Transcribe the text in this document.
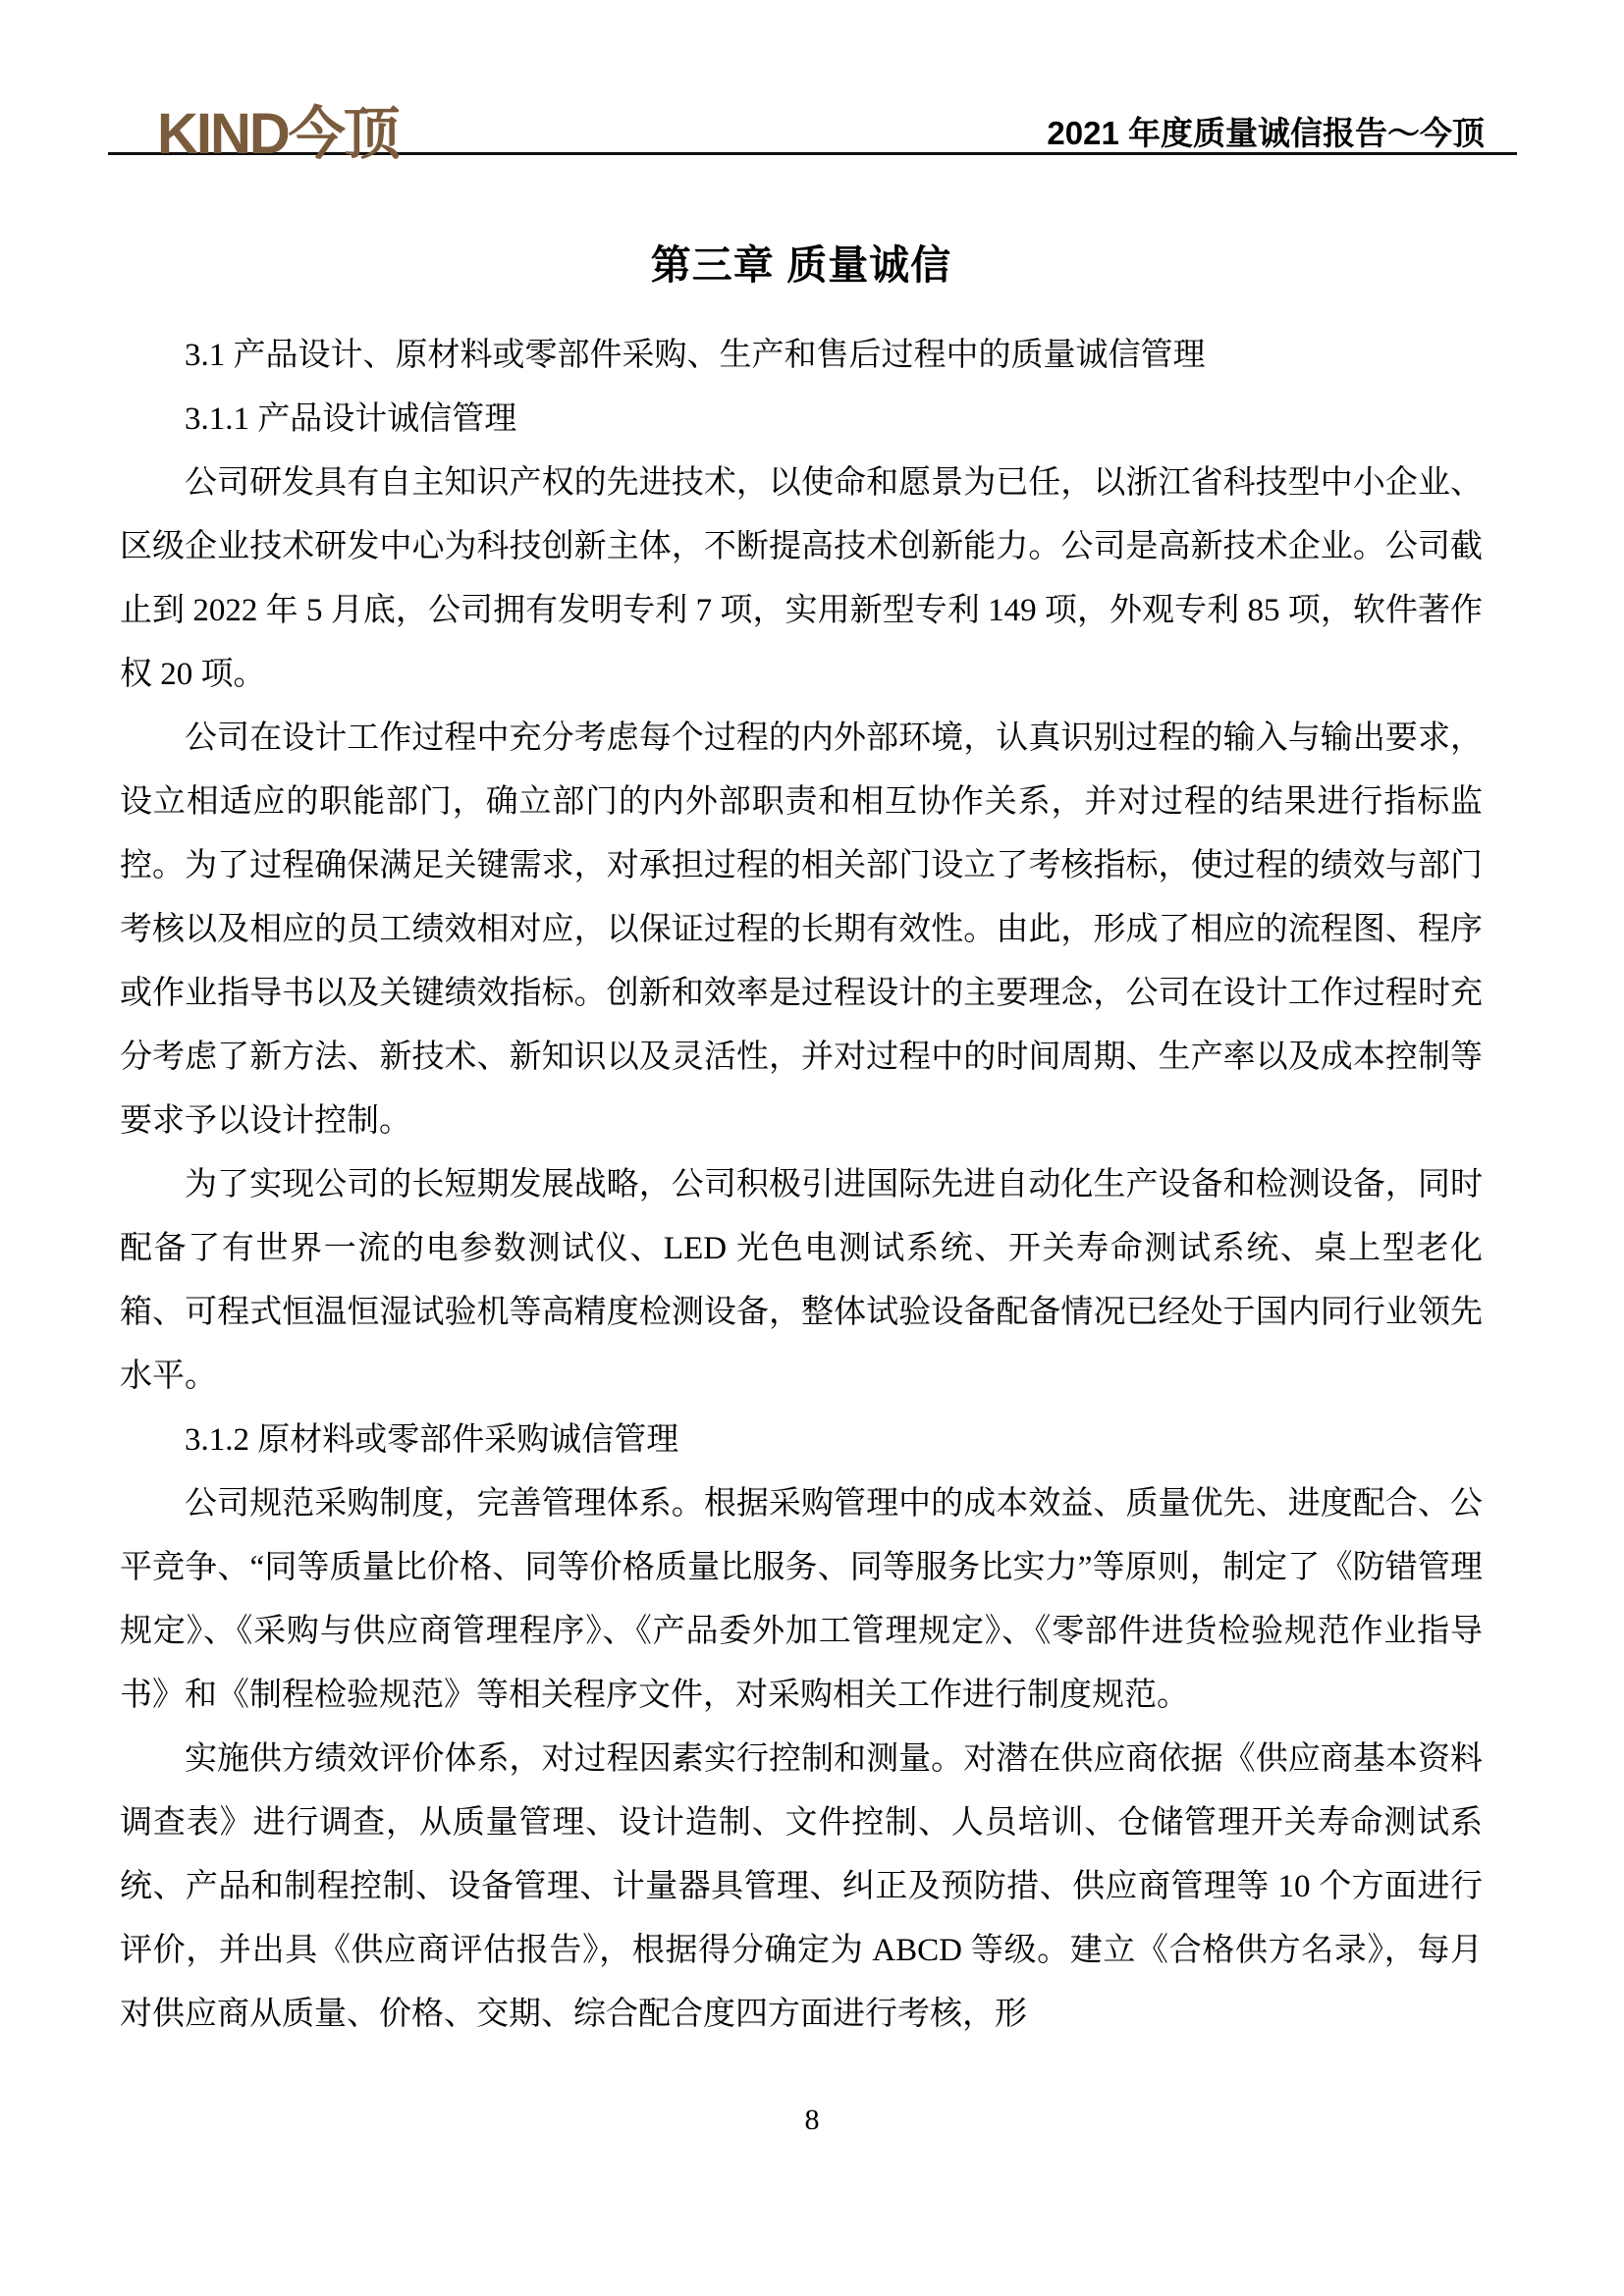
KIND今顶	2021 年度质量诚信报告～今顶
第三章 质量诚信

3.1 产品设计、原材料或零部件采购、生产和售后过程中的质量诚信管理

3.1.1 产品设计诚信管理

公司研发具有自主知识产权的先进技术，以使命和愿景为已任，以浙江省科技型中小企业、区级企业技术研发中心为科技创新主体，不断提高技术创新能力。公司是高新技术企业。公司截止到 2022 年 5 月底，公司拥有发明专利 7 项，实用新型专利 149 项，外观专利 85 项，软件著作权 20 项。

公司在设计工作过程中充分考虑每个过程的内外部环境，认真识别过程的输入与输出要求，设立相适应的职能部门，确立部门的内外部职责和相互协作关系，并对过程的结果进行指标监控。为了过程确保满足关键需求，对承担过程的相关部门设立了考核指标，使过程的绩效与部门考核以及相应的员工绩效相对应，以保证过程的长期有效性。由此，形成了相应的流程图、程序或作业指导书以及关键绩效指标。创新和效率是过程设计的主要理念，公司在设计工作过程时充分考虑了新方法、新技术、新知识以及灵活性，并对过程中的时间周期、生产率以及成本控制等要求予以设计控制。

为了实现公司的长短期发展战略，公司积极引进国际先进自动化生产设备和检测设备，同时配备了有世界一流的电参数测试仪、LED 光色电测试系统、开关寿命测试系统、桌上型老化箱、可程式恒温恒湿试验机等高精度检测设备，整体试验设备配备情况已经处于国内同行业领先水平。

3.1.2 原材料或零部件采购诚信管理

公司规范采购制度，完善管理体系。根据采购管理中的成本效益、质量优先、进度配合、公平竞争、“同等质量比价格、同等价格质量比服务、同等服务比实力”等原则，制定了《防错管理规定》、《采购与供应商管理程序》、《产品委外加工管理规定》、《零部件进货检验规范作业指导书》和《制程检验规范》等相关程序文件，对采购相关工作进行制度规范。

实施供方绩效评价体系，对过程因素实行控制和测量。对潜在供应商依据《供应商基本资料调查表》进行调查，从质量管理、设计造制、文件控制、人员培训、仓储管理开关寿命测试系统、产品和制程控制、设备管理、计量器具管理、纠正及预防措、供应商管理等 10 个方面进行评价，并出具《供应商评估报告》，根据得分确定为 ABCD 等级。建立《合格供方名录》，每月对供应商从质量、价格、交期、综合配合度四方面进行考核，形

8
